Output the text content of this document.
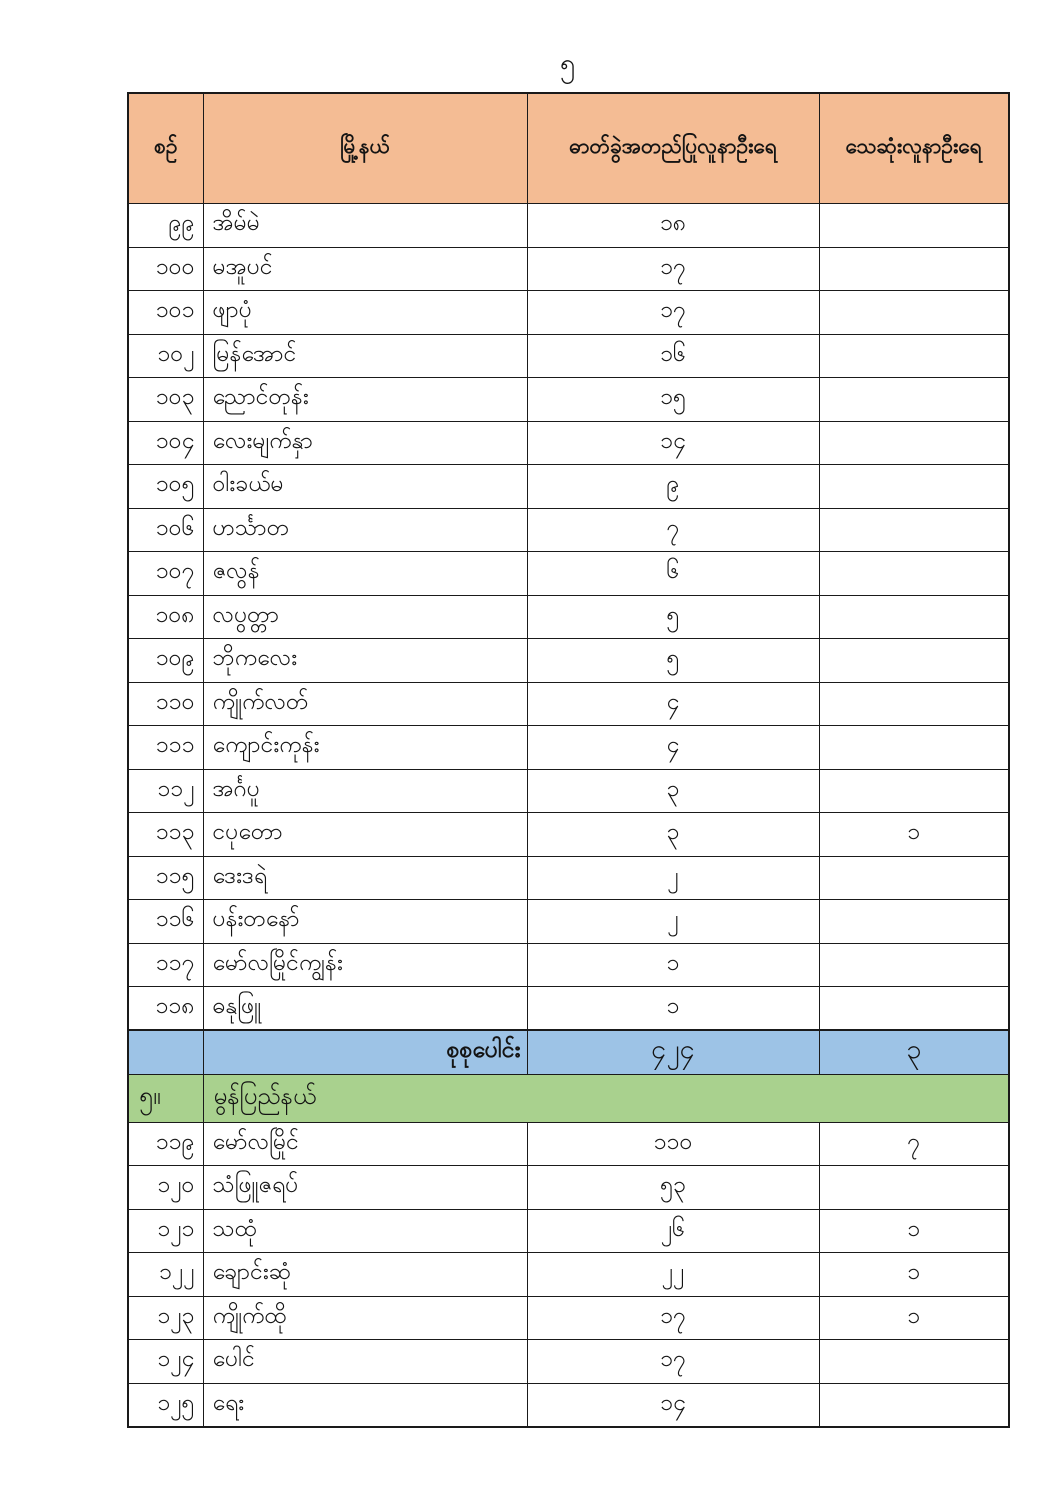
၅
စဉ်	မြို့နယ်	ဓာတ်ခွဲအတည်ပြုလူနာဦးရေ	သေဆုံးလူနာဦးရေ
၉၉	အိမ်မဲ	၁၈	
၁၀၀	မအူပင်	၁၇	
၁၀၁	ဖျာပုံ	၁၇	
၁၀၂	မြန်အောင်	၁၆	
၁၀၃	ညောင်တုန်း	၁၅	
၁၀၄	လေးမျက်နှာ	၁၄	
၁၀၅	ဝါးခယ်မ	၉	
၁၀၆	ဟင်္သာတ	၇	
၁၀၇	ဇလွန်	၆	
၁၀၈	လပွတ္တာ	၅	
၁၀၉	ဘိုကလေး	၅	
၁၁၀	ကျိုက်လတ်	၄	
၁၁၁	ကျောင်းကုန်း	၄	
၁၁၂	အင်္ဂပူ	၃	
၁၁၃	ငပုတော	၃	၁
၁၁၅	ဒေးဒရဲ	၂	
၁၁၆	ပန်းတနော်	၂	
၁၁၇	မော်လမြိုင်ကျွန်း	၁	
၁၁၈	ဓနုဖြူ	၁	
	စုစုပေါင်း	၄၂၄	၃
၅။	မွန်ပြည်နယ်		
၁၁၉	မော်လမြိုင်	၁၁၀	၇
၁၂၀	သံဖြူဇရပ်	၅၃	
၁၂၁	သထုံ	၂၆	၁
၁၂၂	ချောင်းဆုံ	၂၂	၁
၁၂၃	ကျိုက်ထို	၁၇	၁
၁၂၄	ပေါင်	၁၇	
၁၂၅	ရေး	၁၄	
